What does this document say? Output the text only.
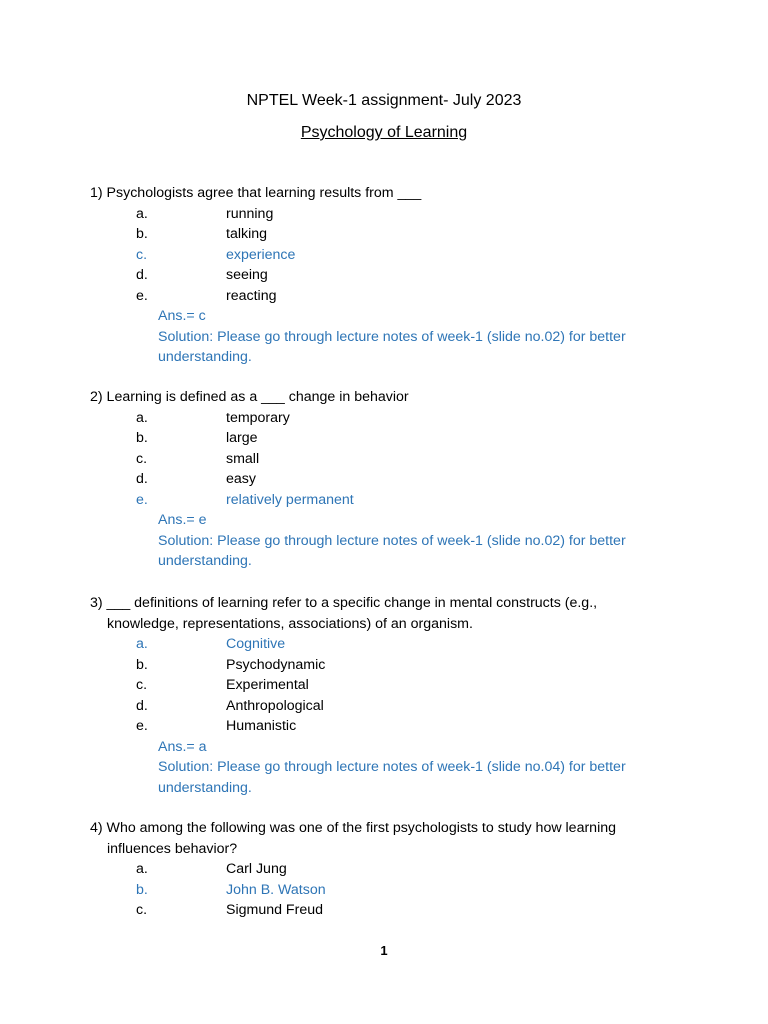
NPTEL Week-1 assignment- July 2023
Psychology of Learning
1) Psychologists agree that learning results from ___
a.	running
b.	talking
c.	experience
d.	seeing
e.	reacting
Ans.= c
Solution: Please go through lecture notes of week-1 (slide no.02) for better
understanding.
2) Learning is defined as a ___ change in behavior
a.	temporary
b.	large
c.	small
d.	easy
e.	relatively permanent
Ans.= e
Solution: Please go through lecture notes of week-1 (slide no.02) for better
understanding.
3) ___ definitions of learning refer to a specific change in mental constructs (e.g.,
knowledge, representations, associations) of an organism.
a.	Cognitive
b.	Psychodynamic
c.	Experimental
d.	Anthropological
e.	Humanistic
Ans.= a
Solution: Please go through lecture notes of week-1 (slide no.04) for better
understanding.
4) Who among the following was one of the first psychologists to study how learning
influences behavior?
a.	Carl Jung
b.	John B. Watson
c.	Sigmund Freud
1
